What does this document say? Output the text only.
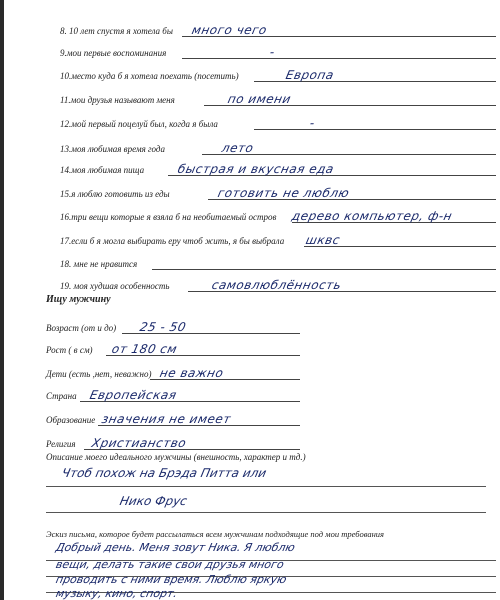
8. 10 лет спустя я хотела бы много чего
9.мои первые воспоминания	-
10.место куда б я хотела поехать (посетить)	Европа
11.мои друзья называют меня	по имени
12.мой первый поцелуй был, когда я была	-
13.моя любимая время года	лето
14.моя любимая пища	быстрая и вкусная еда
15.я люблю готовить из еды	готовить не люблю
16.три вещи которые я взяла б на необитаемый остров дерево компьютер, ф-н
17.если б я могла выбирать еру чтоб жить, я бы выбрала шквс
18. мне не нравится
19. моя худшая особенность	самовлюблённость
Ищу мужчину
Возраст (от и до) 25 - 50
Рост ( в см) от 180 см
Дети (есть ,нет, неважно) не важно
Страна Европейская
Образование значения не имеет
Религия Христианство
Описание моего идеального мужчины (внешность, характер и тд.)
Чтоб похож на Брэда Питта или
Нико Фрус
Эскиз письма, которое будет рассылаться всем мужчинам подходящие под мои требования
Добрый день. Меня зовут Ника. Я люблю
вещи, делать такие свои друзья много
проводить с ними время. Люблю яркую
музыку, кино, спорт.
